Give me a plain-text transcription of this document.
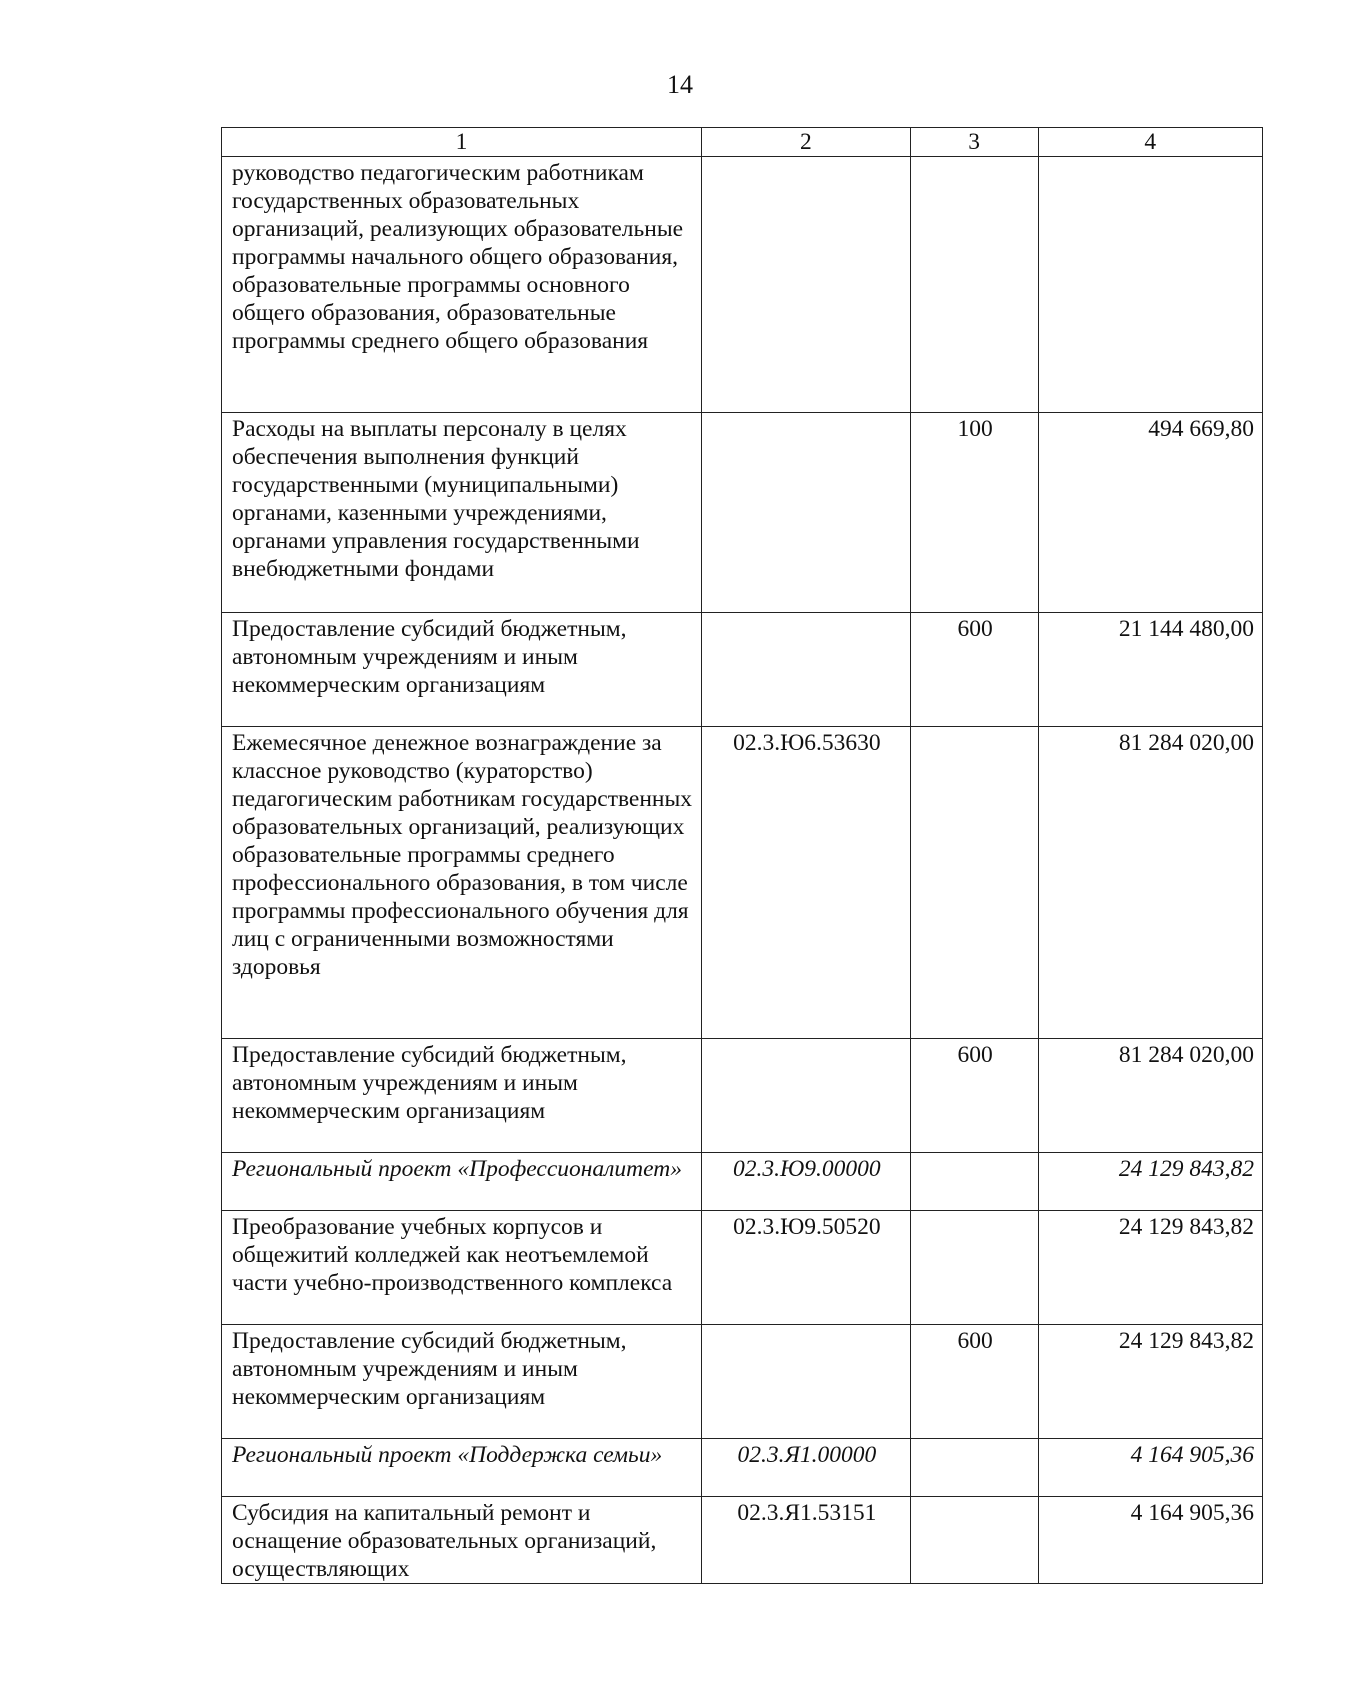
14
1	2	3	4
руководство педагогическим работникам государственных образовательных организаций, реализующих образовательные программы начального общего образования, образовательные программы основного общего образования, образовательные программы среднего общего образования			
Расходы на выплаты персоналу в целях обеспечения выполнения функций государственными (муниципальными) органами, казенными учреждениями, органами управления государственными внебюджетными фондами		100	494 669,80
Предоставление субсидий бюджетным, автономным учреждениям и иным некоммерческим организациям		600	21 144 480,00
Ежемесячное денежное вознаграждение за классное руководство (кураторство) педагогическим работникам государственных образовательных организаций, реализующих образовательные программы среднего профессионального образования, в том числе программы профессионального обучения для лиц с ограниченными возможностями здоровья	02.3.Ю6.53630		81 284 020,00
Предоставление субсидий бюджетным, автономным учреждениям и иным некоммерческим организациям		600	81 284 020,00
Региональный проект «Профессионалитет»	02.3.Ю9.00000		24 129 843,82
Преобразование учебных корпусов и общежитий колледжей как неотъемлемой части учебно-производственного комплекса	02.3.Ю9.50520		24 129 843,82
Предоставление субсидий бюджетным, автономным учреждениям и иным некоммерческим организациям		600	24 129 843,82
Региональный проект «Поддержка семьи»	02.3.Я1.00000		4 164 905,36
Субсидия на капитальный ремонт и оснащение образовательных организаций, осуществляющих	02.3.Я1.53151		4 164 905,36
